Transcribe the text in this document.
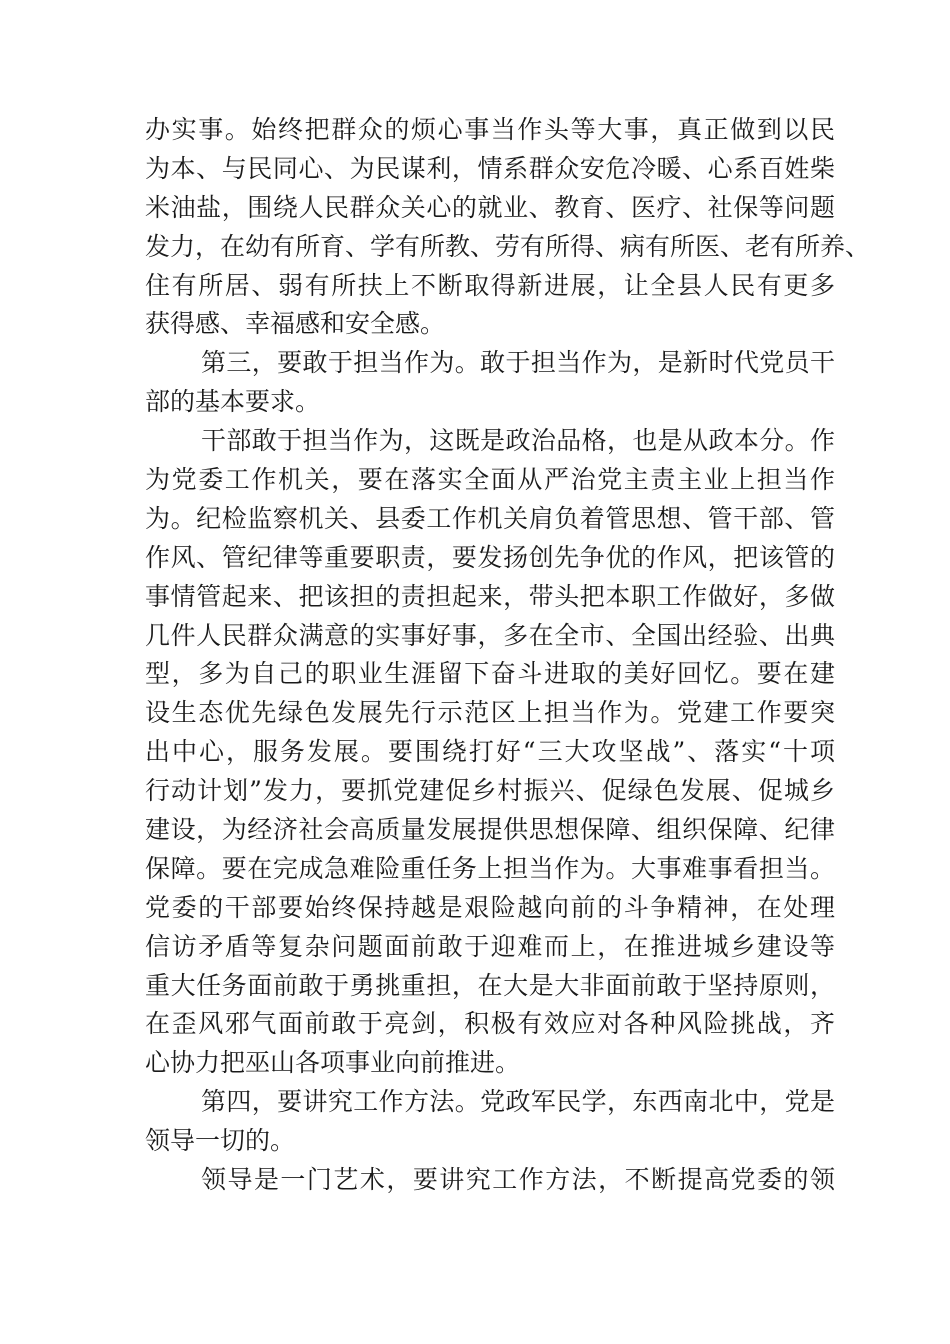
办实事。始终把群众的烦心事当作头等大事，真正做到以民
为本、与民同心、为民谋利，情系群众安危冷暖、心系百姓柴
米油盐，围绕人民群众关心的就业、教育、医疗、社保等问题
发力，在幼有所育、学有所教、劳有所得、病有所医、老有所养、
住有所居、弱有所扶上不断取得新进展，让全县人民有更多
获得感、幸福感和安全感。
第三，要敢于担当作为。敢于担当作为，是新时代党员干
部的基本要求。
干部敢于担当作为，这既是政治品格，也是从政本分。作
为党委工作机关，要在落实全面从严治党主责主业上担当作
为。纪检监察机关、县委工作机关肩负着管思想、管干部、管
作风、管纪律等重要职责，要发扬创先争优的作风，把该管的
事情管起来、把该担的责担起来，带头把本职工作做好，多做
几件人民群众满意的实事好事，多在全市、全国出经验、出典
型，多为自己的职业生涯留下奋斗进取的美好回忆。要在建
设生态优先绿色发展先行示范区上担当作为。党建工作要突
出中心，服务发展。要围绕打好“三大攻坚战”、落实“十项
行动计划”发力，要抓党建促乡村振兴、促绿色发展、促城乡
建设，为经济社会高质量发展提供思想保障、组织保障、纪律
保障。要在完成急难险重任务上担当作为。大事难事看担当。
党委的干部要始终保持越是艰险越向前的斗争精神，在处理
信访矛盾等复杂问题面前敢于迎难而上，在推进城乡建设等
重大任务面前敢于勇挑重担，在大是大非面前敢于坚持原则，
在歪风邪气面前敢于亮剑，积极有效应对各种风险挑战，齐
心协力把巫山各项事业向前推进。
第四，要讲究工作方法。党政军民学，东西南北中，党是
领导一切的。
领导是一门艺术，要讲究工作方法，不断提高党委的领
